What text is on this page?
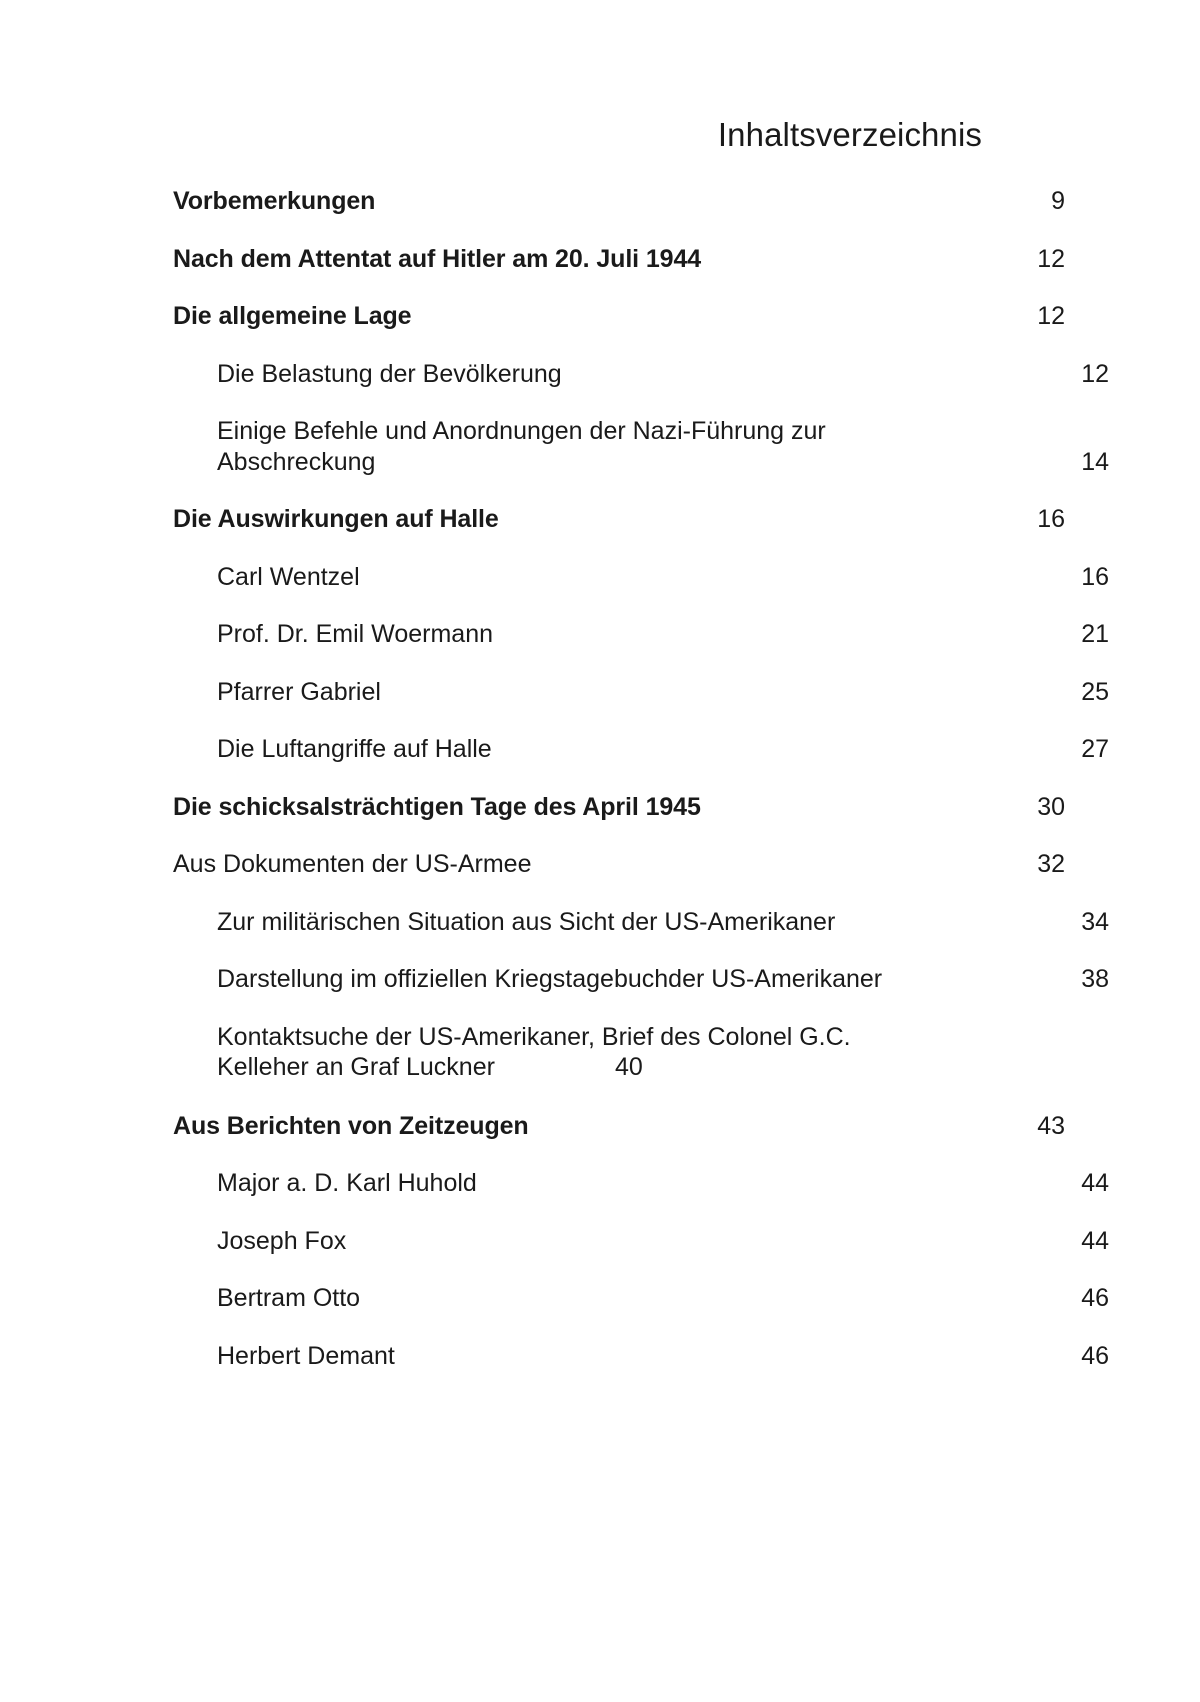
Inhaltsverzeichnis
Vorbemerkungen	9
Nach dem Attentat auf Hitler am 20. Juli 1944	12
Die allgemeine Lage	12
Die Belastung der Bevölkerung	12
Einige Befehle und Anordnungen der Nazi-Führung zur Abschreckung	14
Die Auswirkungen auf Halle	16
Carl Wentzel	16
Prof. Dr. Emil Woermann	21
Pfarrer Gabriel	25
Die Luftangriffe auf Halle	27
Die schicksalsträchtigen Tage des April 1945	30
Aus Dokumenten der US-Armee	32
Zur militärischen Situation aus Sicht der US-Amerikaner	34
Darstellung im offiziellen Kriegstagebuchder US-Amerikaner	38
Kontaktsuche der US-Amerikaner, Brief des Colonel G.C.

Kelleher an Graf Luckner	40
Aus Berichten von Zeitzeugen	43
Major a. D. Karl Huhold	44
Joseph Fox	44
Bertram Otto	46
Herbert Demant	46
